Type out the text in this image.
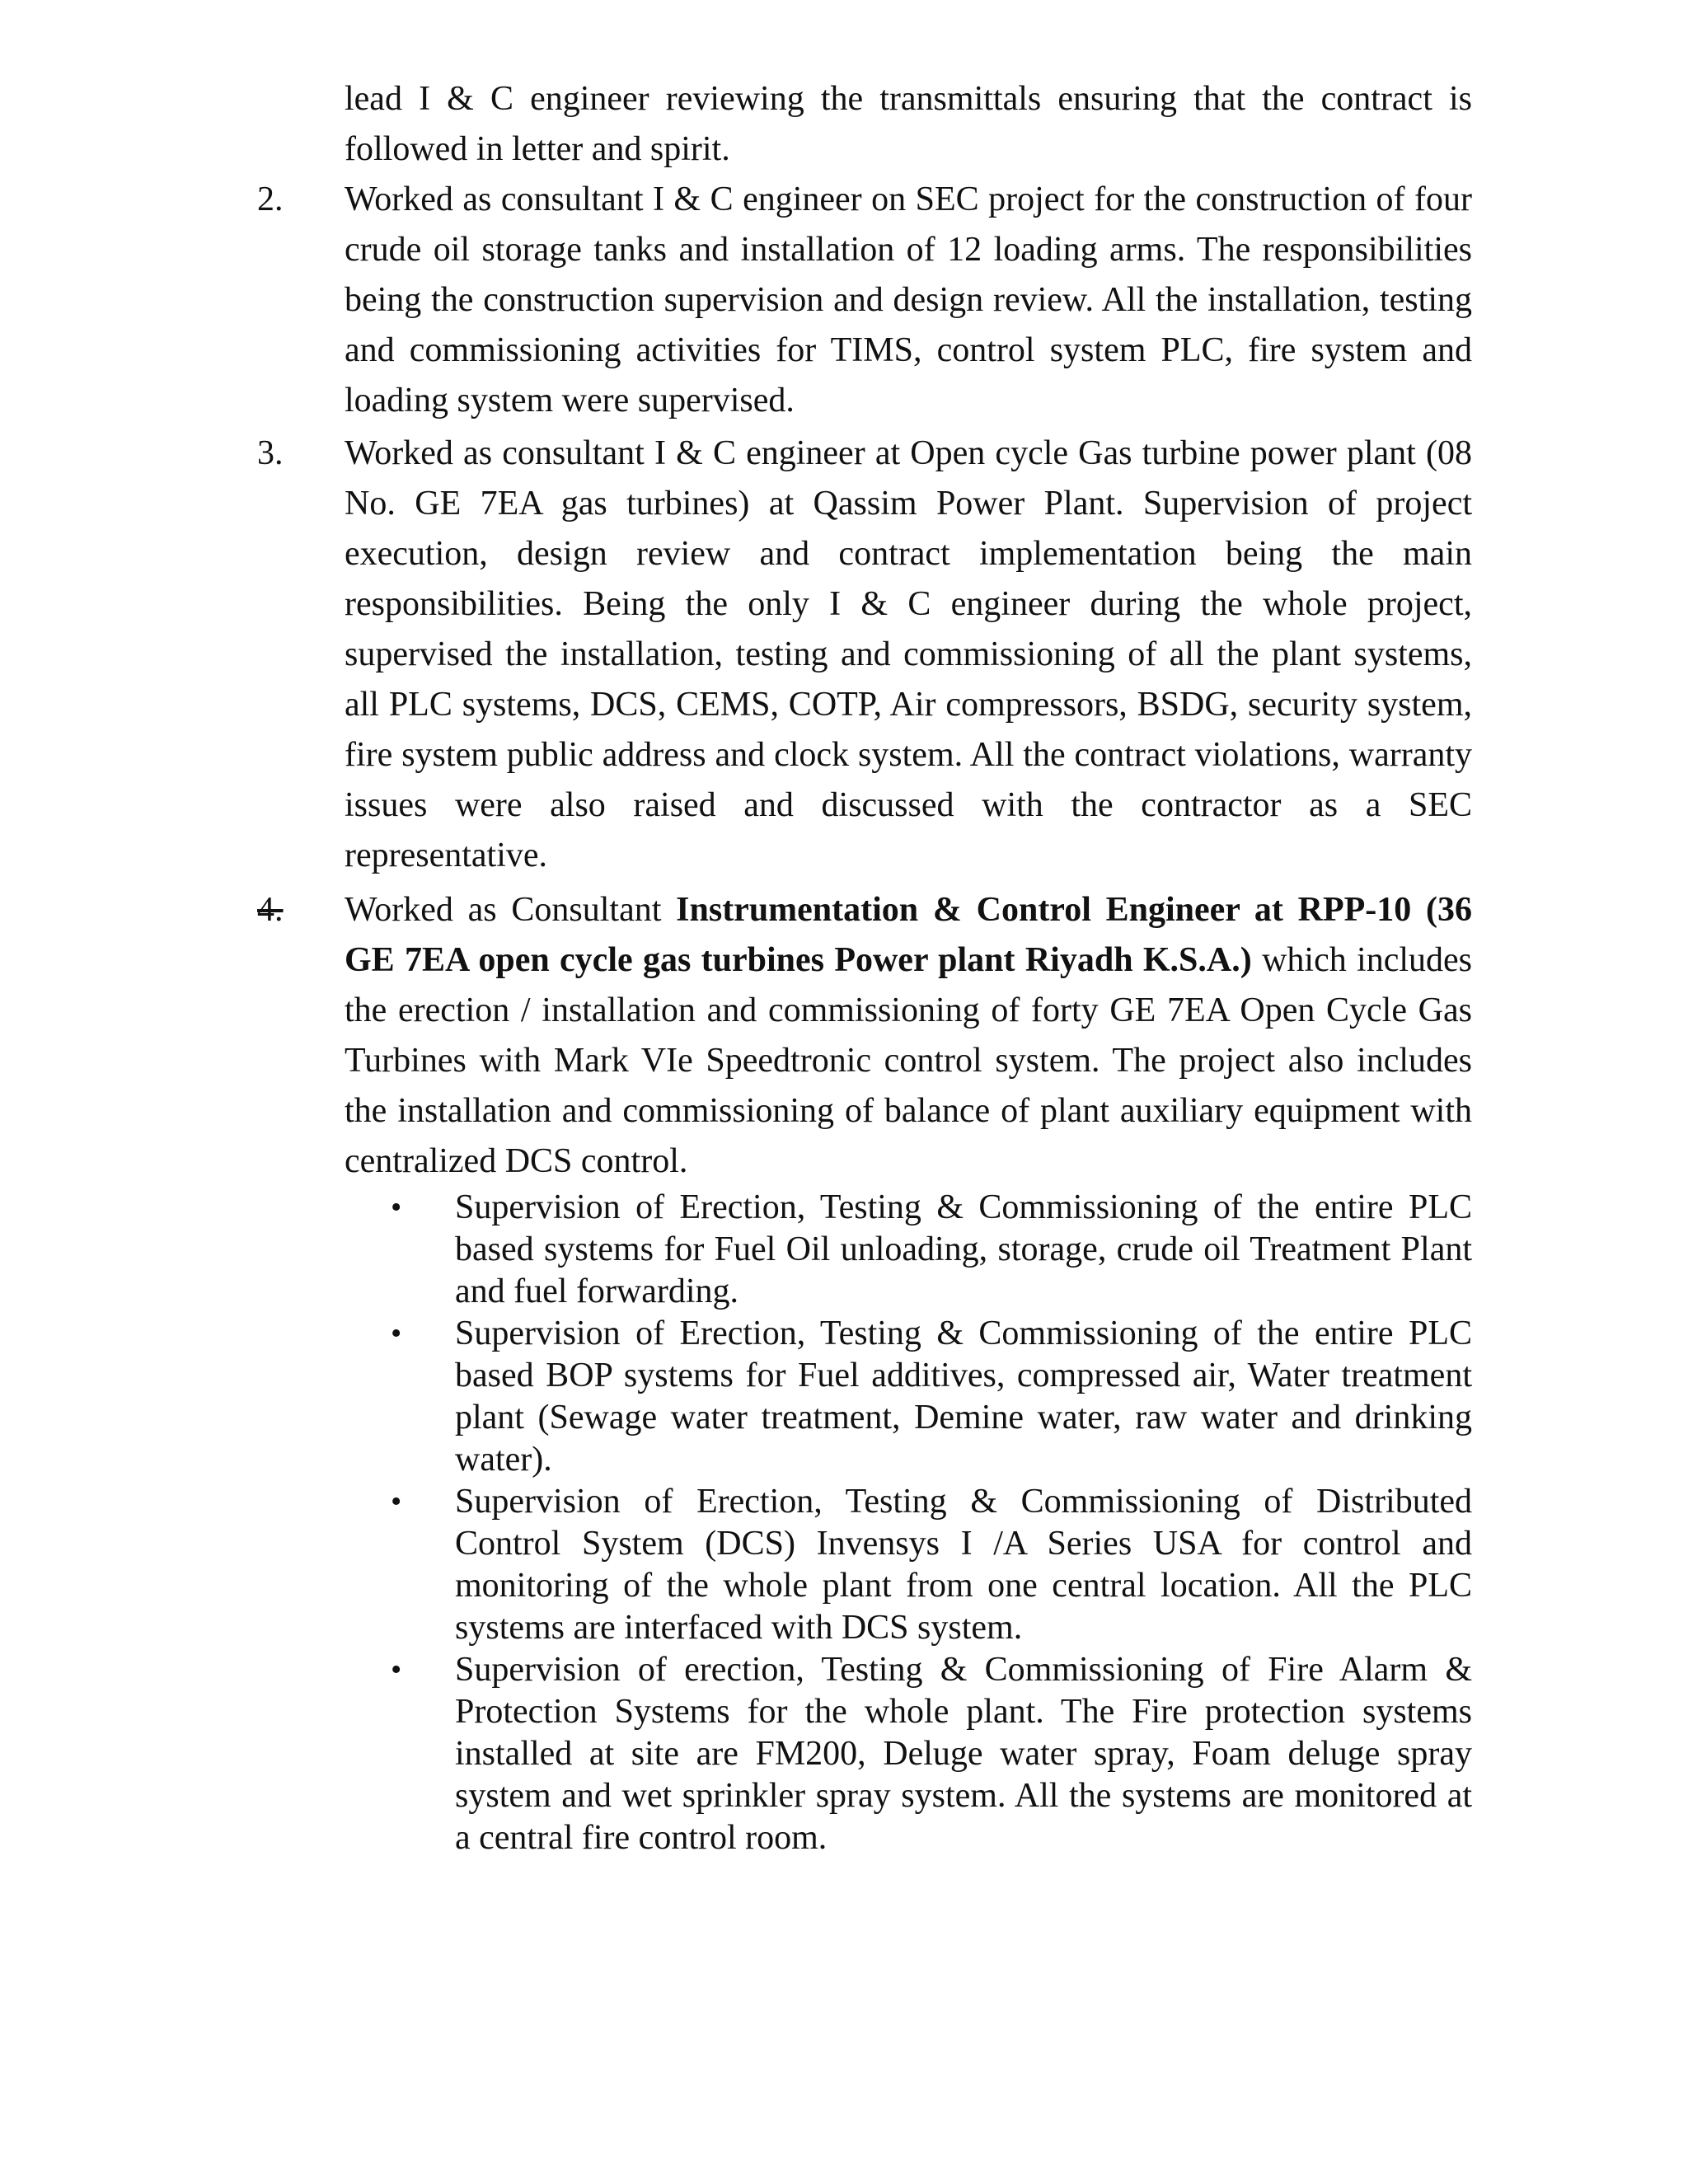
lead I & C engineer reviewing the transmittals ensuring that the contract is followed in letter and spirit.

2. Worked as consultant I & C engineer on SEC project for the construction of four crude oil storage tanks and installation of 12 loading arms. The responsibilities being the construction supervision and design review. All the installation, testing and commissioning activities for TIMS, control system PLC, fire system and loading system were supervised.

3. Worked as consultant I & C engineer at Open cycle Gas turbine power plant (08 No. GE 7EA gas turbines) at Qassim Power Plant. Supervision of project execution, design review and contract implementation being the main responsibilities. Being the only I & C engineer during the whole project, supervised the installation, testing and commissioning of all the plant systems, all PLC systems, DCS, CEMS, COTP, Air compressors, BSDG, security system, fire system public address and clock system. All the contract violations, warranty issues were also raised and discussed with the contractor as a SEC representative.

4. Worked as Consultant Instrumentation & Control Engineer at RPP-10 (36 GE 7EA open cycle gas turbines Power plant Riyadh K.S.A.) which includes the erection / installation and commissioning of forty GE 7EA Open Cycle Gas Turbines with Mark VIe Speedtronic control system. The project also includes the installation and commissioning of balance of plant auxiliary equipment with centralized DCS control.

• Supervision of Erection, Testing & Commissioning of the entire PLC based systems for Fuel Oil unloading, storage, crude oil Treatment Plant and fuel forwarding.
• Supervision of Erection, Testing & Commissioning of the entire PLC based BOP systems for Fuel additives, compressed air, Water treatment plant (Sewage water treatment, Demine water, raw water and drinking water).
• Supervision of Erection, Testing & Commissioning of Distributed Control System (DCS) Invensys I /A Series USA for control and monitoring of the whole plant from one central location. All the PLC systems are interfaced with DCS system.
• Supervision of erection, Testing & Commissioning of Fire Alarm & Protection Systems for the whole plant. The Fire protection systems installed at site are FM200, Deluge water spray, Foam deluge spray system and wet sprinkler spray system. All the systems are monitored at a central fire control room.
